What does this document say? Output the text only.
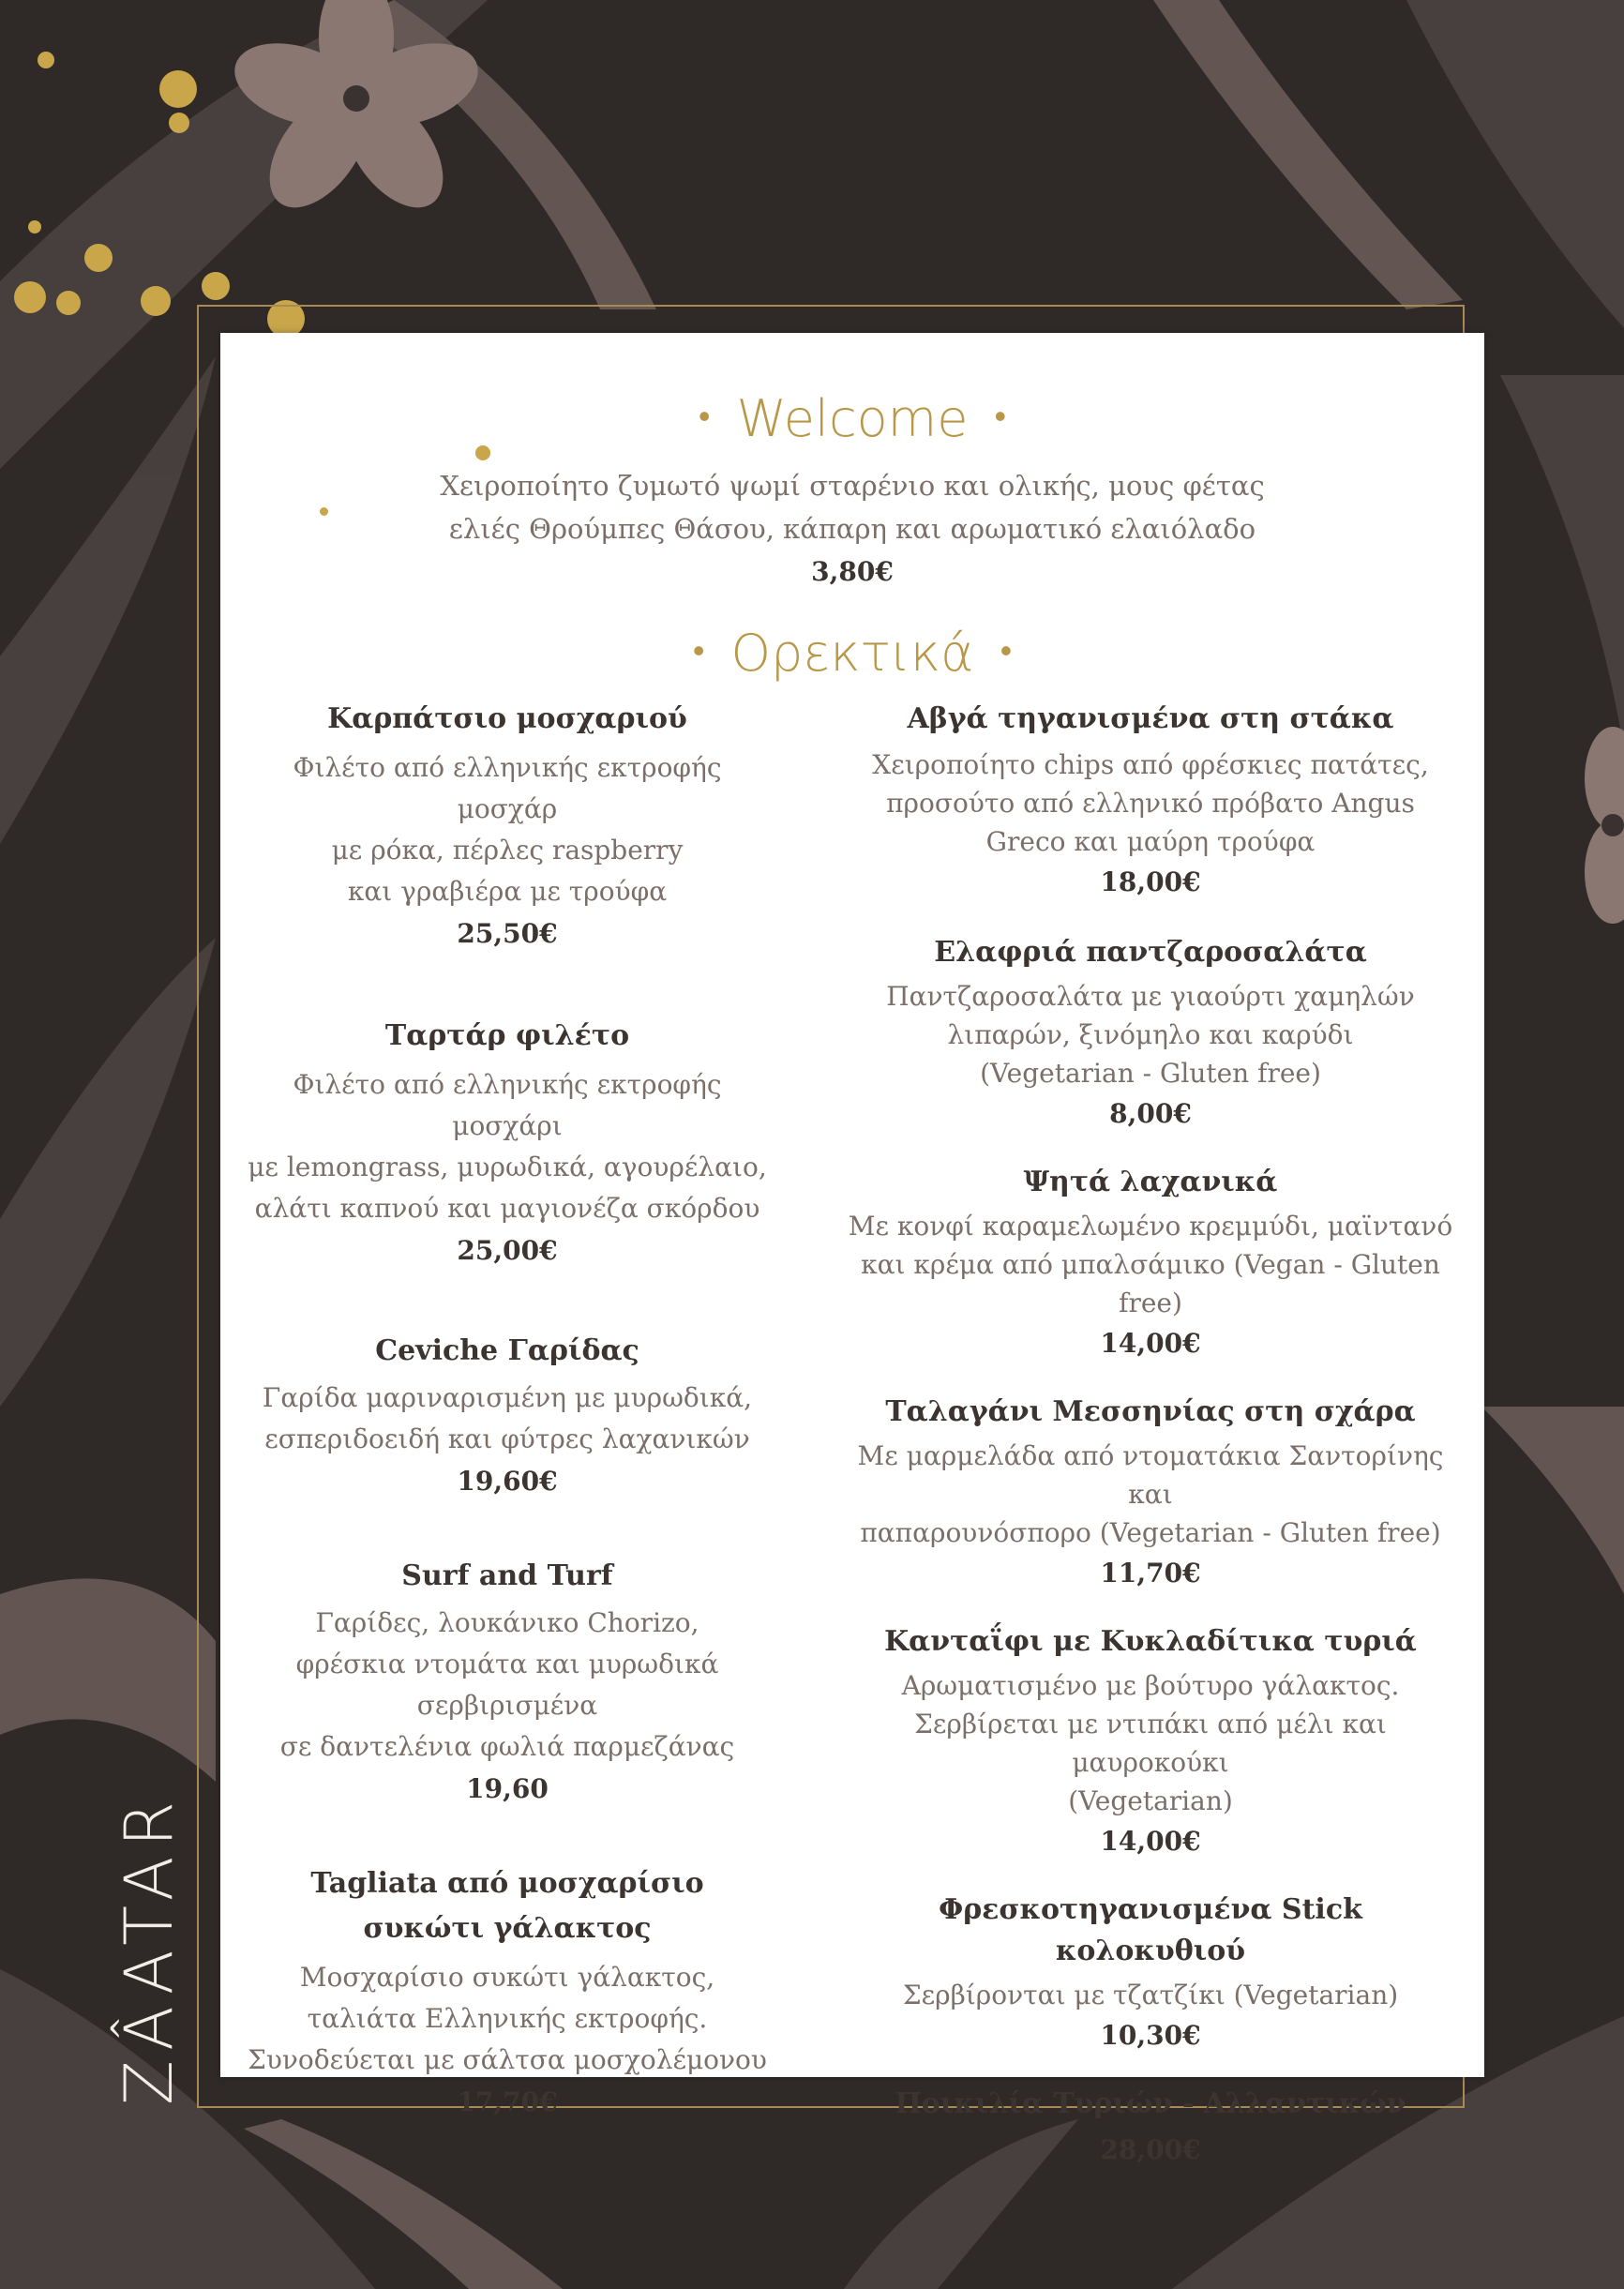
• Welcome •
Χειροποίητο ζυμωτό ψωμί σταρένιο και ολικής, μους φέτας
ελιές Θρούμπες Θάσου, κάπαρη και αρωματικό ελαιόλαδο
3,80€
• Ορεκτικά •
Καρπάτσιο μοσχαριού
Φιλέτο από ελληνικής εκτροφής μοσχάρ
με ρόκα, πέρλες raspberry
και γραβιέρα με τρούφα
25,50€
Ταρτάρ φιλέτο
Φιλέτο από ελληνικής εκτροφής μοσχάρι
με lemongrass, μυρωδικά, αγουρέλαιο,
αλάτι καπνού και μαγιονέζα σκόρδου
25,00€
Ceviche Γαρίδας
Γαρίδα μαριναρισμένη με μυρωδικά,
εσπεριδοειδή και φύτρες λαχανικών
19,60€
Surf and Turf
Γαρίδες, λουκάνικο Chorizo,
φρέσκια ντομάτα και μυρωδικά σερβιρισμένα
σε δαντελένια φωλιά παρμεζάνας
19,60
Tagliata από μοσχαρίσιο
συκώτι γάλακτος
Μοσχαρίσιο συκώτι γάλακτος,
ταλιάτα Ελληνικής εκτροφής.
Συνοδεύεται με σάλτσα μοσχολέμονου
17,70€
Αβγά τηγανισμένα στη στάκα
Χειροποίητο chips από φρέσκιες πατάτες,
προσούτο από ελληνικό πρόβατο Angus
Greco και μαύρη τρούφα
18,00€
Ελαφριά παντζαροσαλάτα
Παντζαροσαλάτα με γιαούρτι χαμηλών
λιπαρών, ξινόμηλο και καρύδι
(Vegetarian - Gluten free)
8,00€
Ψητά λαχανικά
Με κονφί καραμελωμένο κρεμμύδι, μαϊντανό
και κρέμα από μπαλσάμικο (Vegan - Gluten free)
14,00€
Ταλαγάνι Μεσσηνίας στη σχάρα
Με μαρμελάδα από ντοματάκια Σαντορίνης και
παπαρουνόσπορο (Vegetarian - Gluten free)
11,70€
Κανταΐφι με Κυκλαδίτικα τυριά
Αρωματισμένο με βούτυρο γάλακτος.
Σερβίρεται με ντιπάκι από μέλι και μαυροκούκι
(Vegetarian)
14,00€
Φρεσκοτηγανισμένα Stick κολοκυθιού
Σερβίρονται με τζατζίκι (Vegetarian)
10,30€
Ποικιλία Τυριών - Αλλαντικών
28,00€
ZÂATAR
